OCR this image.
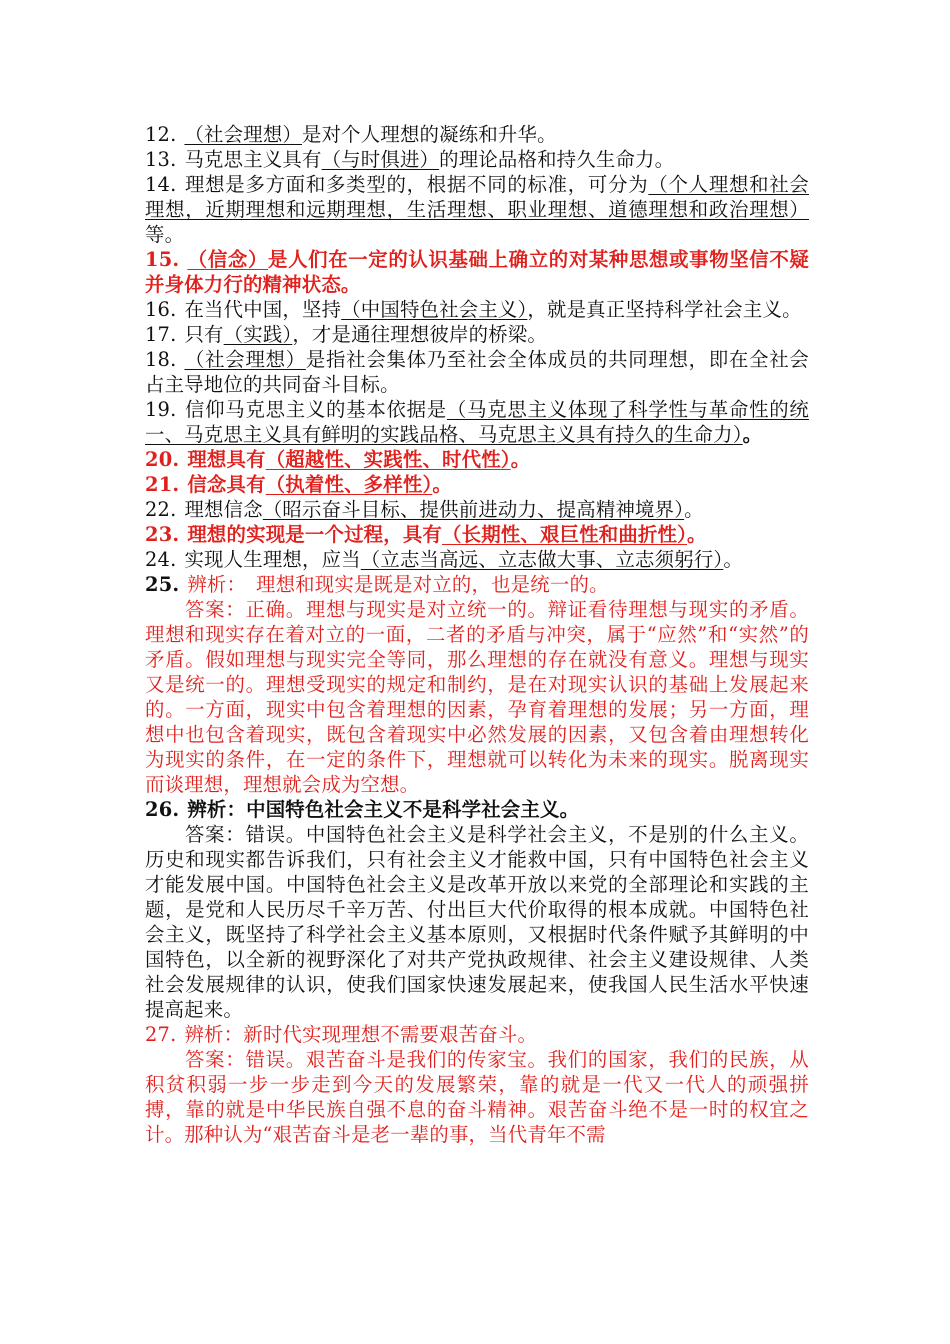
12. （社会理想）是对个人理想的凝练和升华。

13. 马克思主义具有（与时俱进）的理论品格和持久生命力。

14. 理想是多方面和多类型的，根据不同的标准，可分为（个人理想和社会理想，近期理想和远期理想，生活理想、职业理想、道德理想和政治理想）等。

15. （信念）是人们在一定的认识基础上确立的对某种思想或事物坚信不疑并身体力行的精神状态。

16. 在当代中国，坚持（中国特色社会主义），就是真正坚持科学社会主义。

17. 只有（实践），才是通往理想彼岸的桥梁。

18. （社会理想）是指社会集体乃至社会全体成员的共同理想，即在全社会占主导地位的共同奋斗目标。

19. 信仰马克思主义的基本依据是（马克思主义体现了科学性与革命性的统一、马克思主义具有鲜明的实践品格、马克思主义具有持久的生命力）。

20. 理想具有（超越性、实践性、时代性）。

21. 信念具有（执着性、多样性）。

22. 理想信念（昭示奋斗目标、提供前进动力、提高精神境界）。

23. 理想的实现是一个过程，具有（长期性、艰巨性和曲折性）。

24. 实现人生理想，应当（立志当高远、立志做大事、立志须躬行）。

25. 辨析：　理想和现实是既是对立的，也是统一的。

答案：正确。理想与现实是对立统一的。辩证看待理想与现实的矛盾。理想和现实存在着对立的一面，二者的矛盾与冲突，属于“应然”和“实然”的矛盾。假如理想与现实完全等同，那么理想的存在就没有意义。理想与现实又是统一的。理想受现实的规定和制约，是在对现实认识的基础上发展起来的。一方面，现实中包含着理想的因素，孕育着理想的发展；另一方面，理想中也包含着现实，既包含着现实中必然发展的因素，又包含着由理想转化为现实的条件，在一定的条件下，理想就可以转化为未来的现实。脱离现实而谈理想，理想就会成为空想。

26. 辨析：中国特色社会主义不是科学社会主义。

答案：错误。中国特色社会主义是科学社会主义，不是别的什么主义。历史和现实都告诉我们，只有社会主义才能救中国，只有中国特色社会主义才能发展中国。中国特色社会主义是改革开放以来党的全部理论和实践的主题，是党和人民历尽千辛万苦、付出巨大代价取得的根本成就。中国特色社会主义，既坚持了科学社会主义基本原则，又根据时代条件赋予其鲜明的中国特色，以全新的视野深化了对共产党执政规律、社会主义建设规律、人类社会发展规律的认识，使我们国家快速发展起来，使我国人民生活水平快速提高起来。

27. 辨析：新时代实现理想不需要艰苦奋斗。

答案：错误。艰苦奋斗是我们的传家宝。我们的国家，我们的民族，从积贫积弱一步一步走到今天的发展繁荣，靠的就是一代又一代人的顽强拼搏，靠的就是中华民族自强不息的奋斗精神。艰苦奋斗绝不是一时的权宜之计。那种认为“艰苦奋斗是老一辈的事，当代青年不需
